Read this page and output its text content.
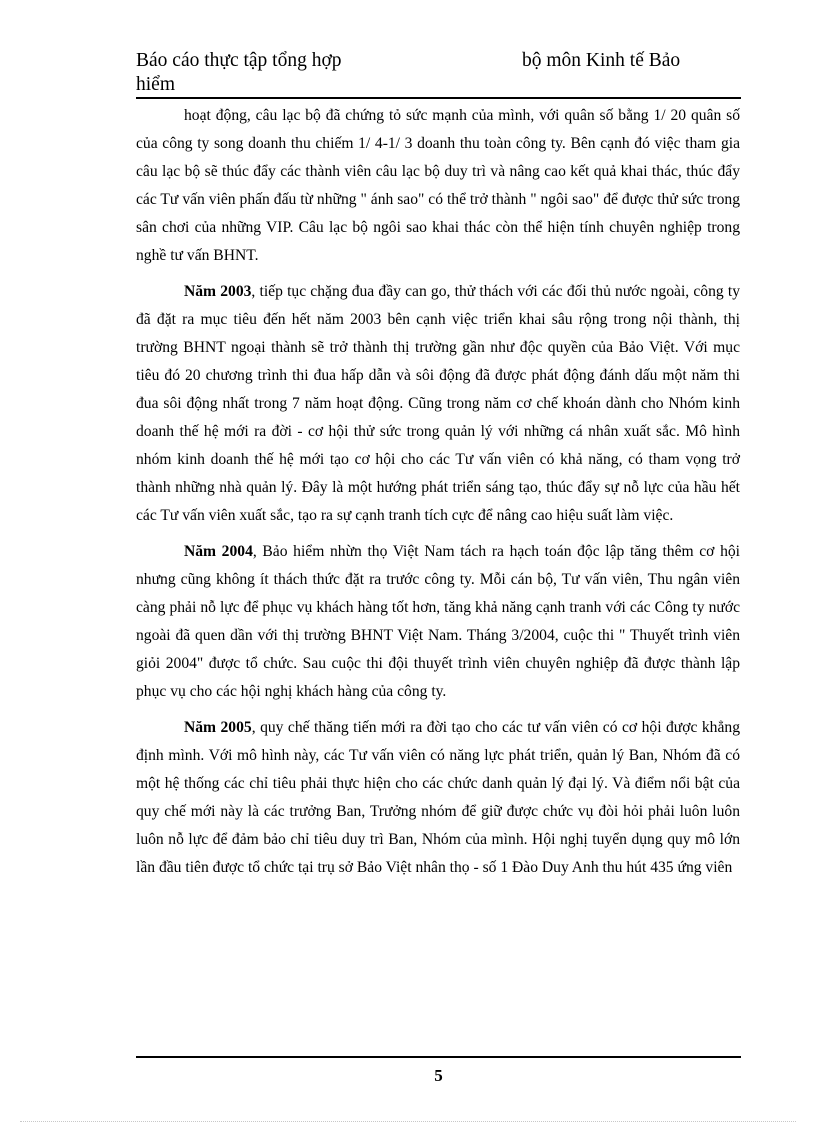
Báo cáo thực tập tổng hợp	bộ môn Kinh tế Bảo
hiểm

hoạt động, câu lạc bộ đã chứng tỏ sức mạnh của mình, với quân số bằng 1/ 20 quân số của công ty song doanh thu chiếm 1/ 4-1/ 3 doanh thu toàn công ty. Bên cạnh đó việc tham gia câu lạc bộ sẽ thúc đẩy các thành viên câu lạc bộ duy trì và nâng cao kết quả khai thác, thúc đẩy các Tư vấn viên phấn đấu từ những " ánh sao" có thể trở thành " ngôi sao" để được thử sức trong sân chơi của những VIP. Câu lạc bộ ngôi sao khai thác còn thể hiện tính chuyên nghiệp trong nghề tư vấn BHNT.

Năm 2003, tiếp tục chặng đua đầy can go, thử thách với các đối thủ nước ngoài, công ty đã đặt ra mục tiêu đến hết năm 2003 bên cạnh việc triển khai sâu rộng trong nội thành, thị trường BHNT ngoại thành sẽ trở thành thị trường gần như độc quyền của Bảo Việt. Với mục tiêu đó 20 chương trình thi đua hấp dẫn và sôi động đã được phát động đánh dấu một năm thi đua sôi động nhất trong 7 năm hoạt động. Cũng trong năm cơ chế khoán dành cho Nhóm kinh doanh thế hệ mới ra đời - cơ hội thử sức trong quản lý với những cá nhân xuất sắc. Mô hình nhóm kinh doanh thế hệ mới tạo cơ hội cho các Tư vấn viên có khả năng, có tham vọng trở thành những nhà quản lý. Đây là một hướng phát triển sáng tạo, thúc đẩy sự nỗ lực của hầu hết các Tư vấn viên xuất sắc, tạo ra sự cạnh tranh tích cực để nâng cao hiệu suất làm việc.

Năm 2004, Bảo hiểm nhừn thọ Việt Nam tách ra hạch toán độc lập tăng thêm cơ hội nhưng cũng không ít thách thức đặt ra trước công ty. Mỗi cán bộ, Tư vấn viên, Thu ngân viên càng phải nỗ lực để phục vụ khách hàng tốt hơn, tăng khả năng cạnh tranh với các Công ty nước ngoài đã quen dần với thị trường BHNT Việt Nam. Tháng 3/2004, cuộc thi " Thuyết trình viên giỏi 2004" được tổ chức. Sau cuộc thi đội thuyết trình viên chuyên nghiệp đã được thành lập phục vụ cho các hội nghị khách hàng của công ty.

Năm 2005, quy chế thăng tiến mới ra đời tạo cho các tư vấn viên có cơ hội được khẳng định mình. Với mô hình này, các Tư vấn viên có năng lực phát triển, quản lý Ban, Nhóm đã có một hệ thống các chỉ tiêu phải thực hiện cho các chức danh quản lý đại lý. Và điểm nổi bật của quy chế mới này là các trưởng Ban, Trưởng nhóm để giữ được chức vụ đòi hỏi phải luôn luôn luôn nỗ lực để đảm bảo chỉ tiêu duy trì Ban, Nhóm của mình. Hội nghị tuyển dụng quy mô lớn lần đầu tiên được tổ chức tại trụ sở Bảo Việt nhân thọ - số 1 Đào Duy Anh thu hút 435 ứng viên

5
